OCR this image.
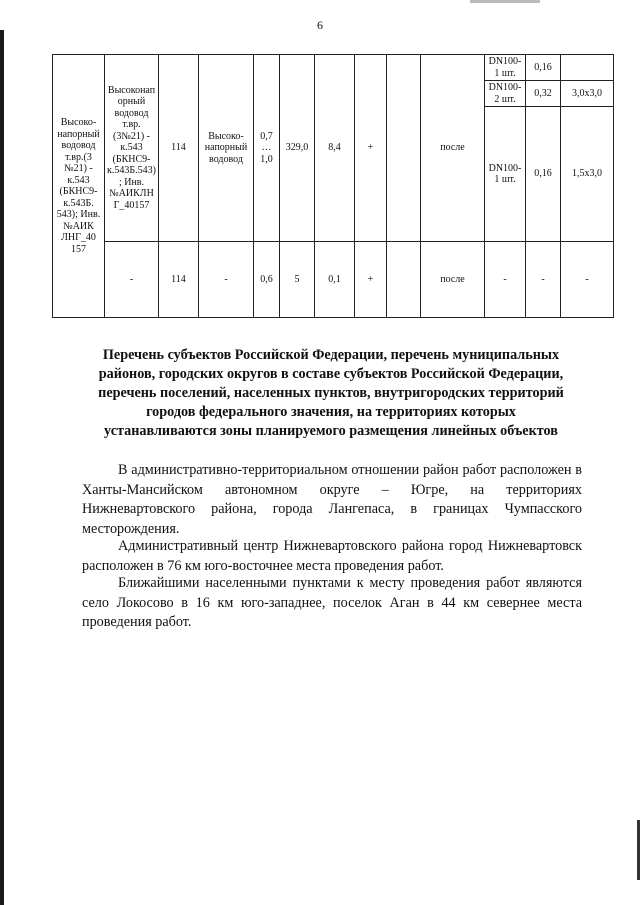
6
Высоко-
напорный водовод т.вр.(3 №21) - к.543 (БКНС9-к.543Б. 543); Инв. №АИК ЛНГ_40 157	Высоконапорный водовод т.вр.(3№21) - к.543 (БКНС9-к.543Б.543); Инв. №АИКЛНГ_40157	114	Высоко-напорный водовод	0,7…1,0	329,0	8,4	+		после	DN100-1 шт.	0,16	
										DN100-2 шт.	0,32	3,0х3,0
										DN100-1 шт.	0,16	1,5х3,0
	-	114	-	0,6	5	0,1	+		после	-	-	-
Перечень субъектов Российской Федерации, перечень муниципальных районов, городских округов в составе субъектов Российской Федерации, перечень поселений, населенных пунктов, внутригородских территорий городов федерального значения, на территориях которых устанавливаются зоны планируемого размещения линейных объектов

В административно-территориальном отношении район работ расположен в Ханты-Мансийском автономном округе – Югре, на территориях Нижневартовского района, города Лангепаса, в границах Чумпасского месторождения.

Административный центр Нижневартовского района город Нижневартовск расположен в 76 км юго-восточнее места проведения работ.

Ближайшими населенными пунктами к месту проведения работ являются село Локосово в 16 км юго-западнее, поселок Аган в 44 км севернее места проведения работ.
